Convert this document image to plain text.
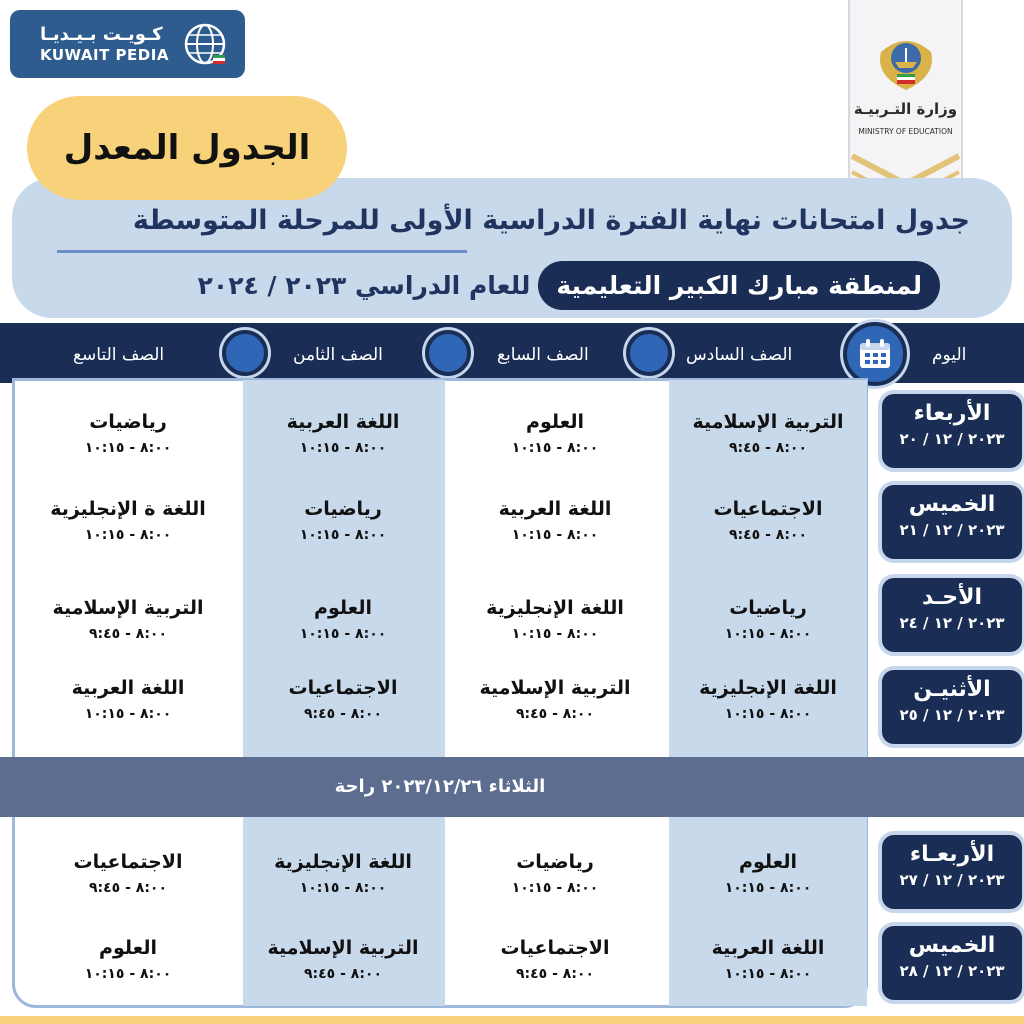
كـويـت بـيـديـا
KUWAIT PEDIA
وزارة التـربيـة
MINISTRY OF EDUCATION
الجدول المعدل
جدول امتحانات نهاية الفترة الدراسية الأولى للمرحلة المتوسطة
لمنطقة مبارك الكبير التعليمية
للعام الدراسي ٢٠٢٣ / ٢٠٢٤
اليوم
الصف السادس
الصف السابع
الصف الثامن
الصف التاسع
الثلاثاء ٢٠٢٣/١٢/٢٦ راحة
الأربعاء
٢٠٢٣ / ١٢ / ٢٠
التربية الإسلامية
٨:٠٠ - ٩:٤٥
العلوم
٨:٠٠ - ١٠:١٥
اللغة العربية
٨:٠٠ - ١٠:١٥
رياضيات
٨:٠٠ - ١٠:١٥
الخميس
٢٠٢٣ / ١٢ / ٢١
الاجتماعيات
٨:٠٠ - ٩:٤٥
اللغة العربية
٨:٠٠ - ١٠:١٥
رياضيات
٨:٠٠ - ١٠:١٥
اللغة ة الإنجليزية
٨:٠٠ - ١٠:١٥
الأحـد
٢٠٢٣ / ١٢ / ٢٤
رياضيات
٨:٠٠ - ١٠:١٥
اللغة الإنجليزية
٨:٠٠ - ١٠:١٥
العلوم
٨:٠٠ - ١٠:١٥
التربية الإسلامية
٨:٠٠ - ٩:٤٥
الأثنيـن
٢٠٢٣ / ١٢ / ٢٥
اللغة الإنجليزية
٨:٠٠ - ١٠:١٥
التربية الإسلامية
٨:٠٠ - ٩:٤٥
الاجتماعيات
٨:٠٠ - ٩:٤٥
اللغة العربية
٨:٠٠ - ١٠:١٥
الأربعـاء
٢٠٢٣ / ١٢ / ٢٧
العلوم
٨:٠٠ - ١٠:١٥
رياضيات
٨:٠٠ - ١٠:١٥
اللغة الإنجليزية
٨:٠٠ - ١٠:١٥
الاجتماعيات
٨:٠٠ - ٩:٤٥
الخميس
٢٠٢٣ / ١٢ / ٢٨
اللغة العربية
٨:٠٠ - ١٠:١٥
الاجتماعيات
٨:٠٠ - ٩:٤٥
التربية الإسلامية
٨:٠٠ - ٩:٤٥
العلوم
٨:٠٠ - ١٠:١٥
